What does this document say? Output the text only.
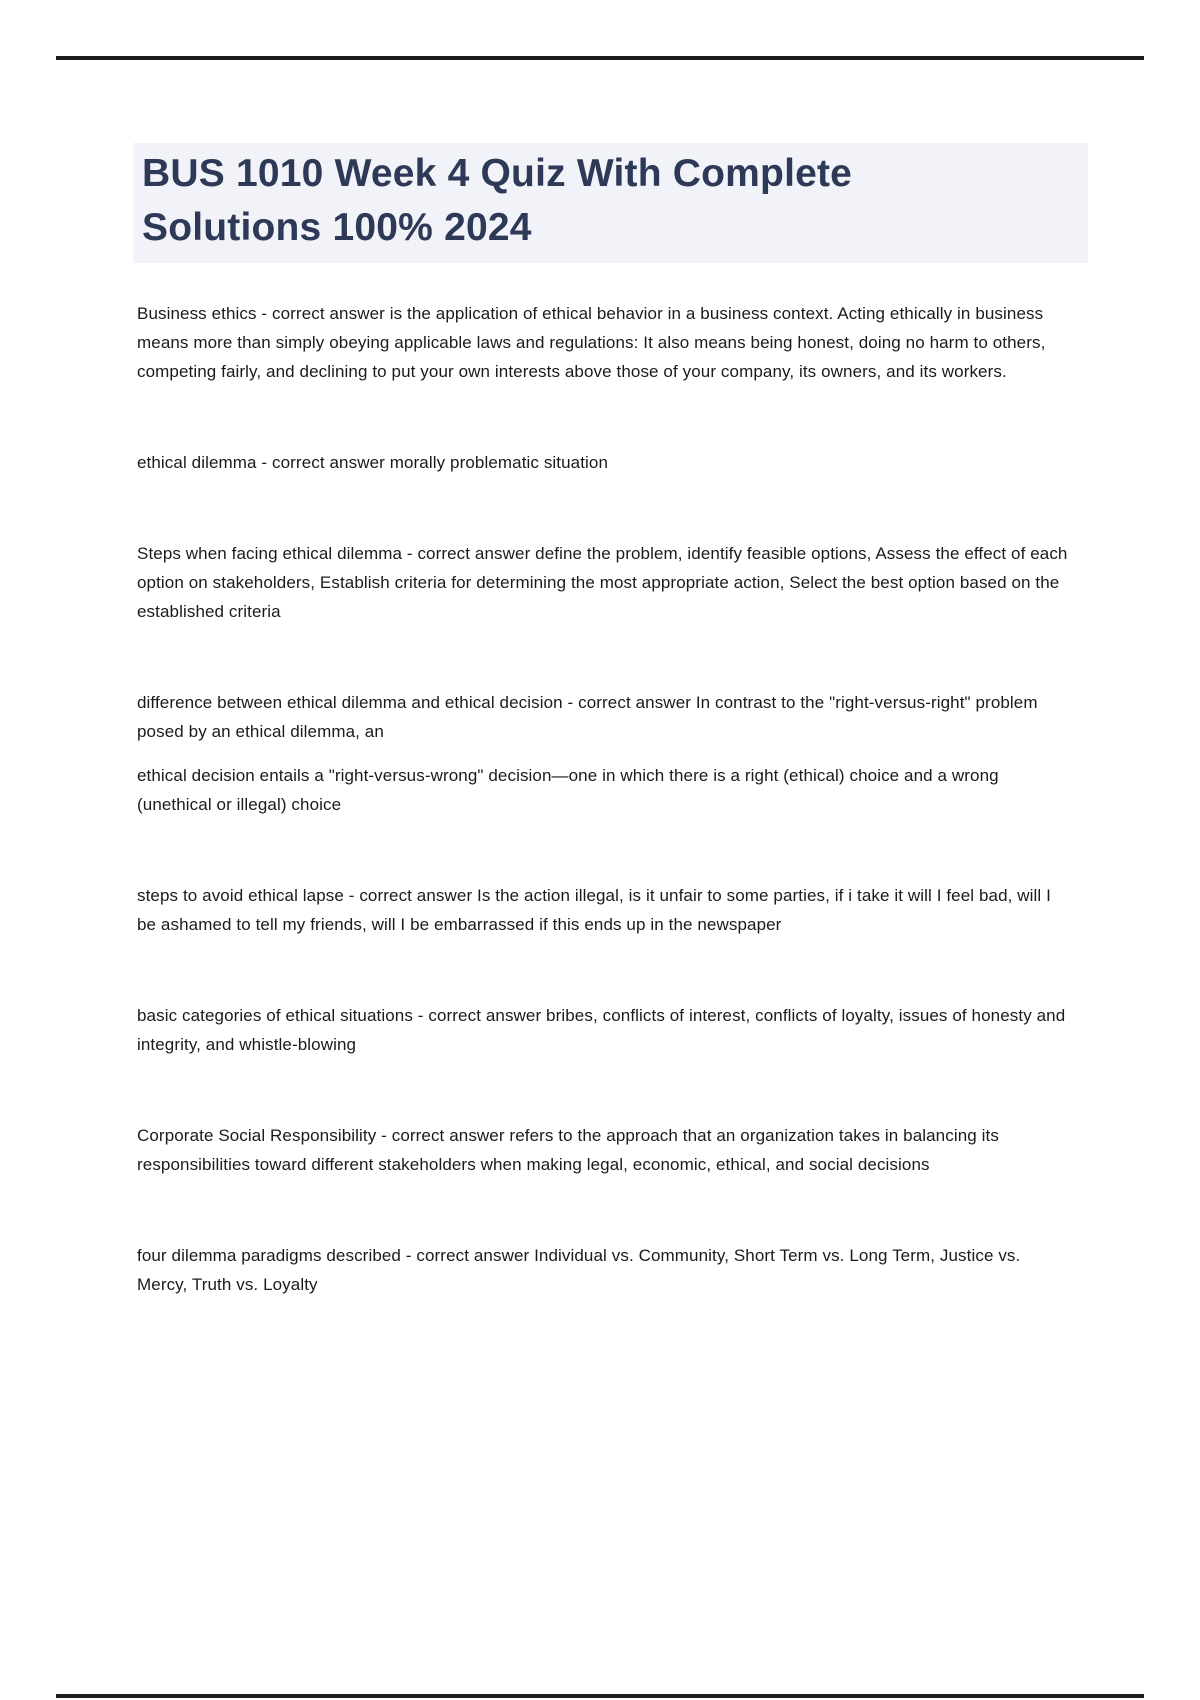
BUS 1010 Week 4 Quiz With Complete
Solutions 100% 2024

Business ethics - correct answer is the application of ethical behavior in a business context. Acting ethically in business means more than simply obeying applicable laws and regulations: It also means being honest, doing no harm to others, competing fairly, and declining to put your own interests above those of your company, its owners, and its workers.

ethical dilemma - correct answer morally problematic situation

Steps when facing ethical dilemma - correct answer define the problem, identify feasible options, Assess the effect of each option on stakeholders, Establish criteria for determining the most appropriate action, Select the best option based on the established criteria

difference between ethical dilemma and ethical decision - correct answer In contrast to the "right-versus-right" problem posed by an ethical dilemma, an

ethical decision entails a "right-versus-wrong" decision—one in which there is a right (ethical) choice and a wrong (unethical or illegal) choice

steps to avoid ethical lapse - correct answer Is the action illegal, is it unfair to some parties, if i take it will I feel bad, will I be ashamed to tell my friends, will I be embarrassed if this ends up in the newspaper

basic categories of ethical situations - correct answer bribes, conflicts of interest, conflicts of loyalty, issues of honesty and integrity, and whistle-blowing

Corporate Social Responsibility - correct answer refers to the approach that an organization takes in balancing its responsibilities toward different stakeholders when making legal, economic, ethical, and social decisions

four dilemma paradigms described - correct answer Individual vs. Community, Short Term vs. Long Term, Justice vs. Mercy, Truth vs. Loyalty
